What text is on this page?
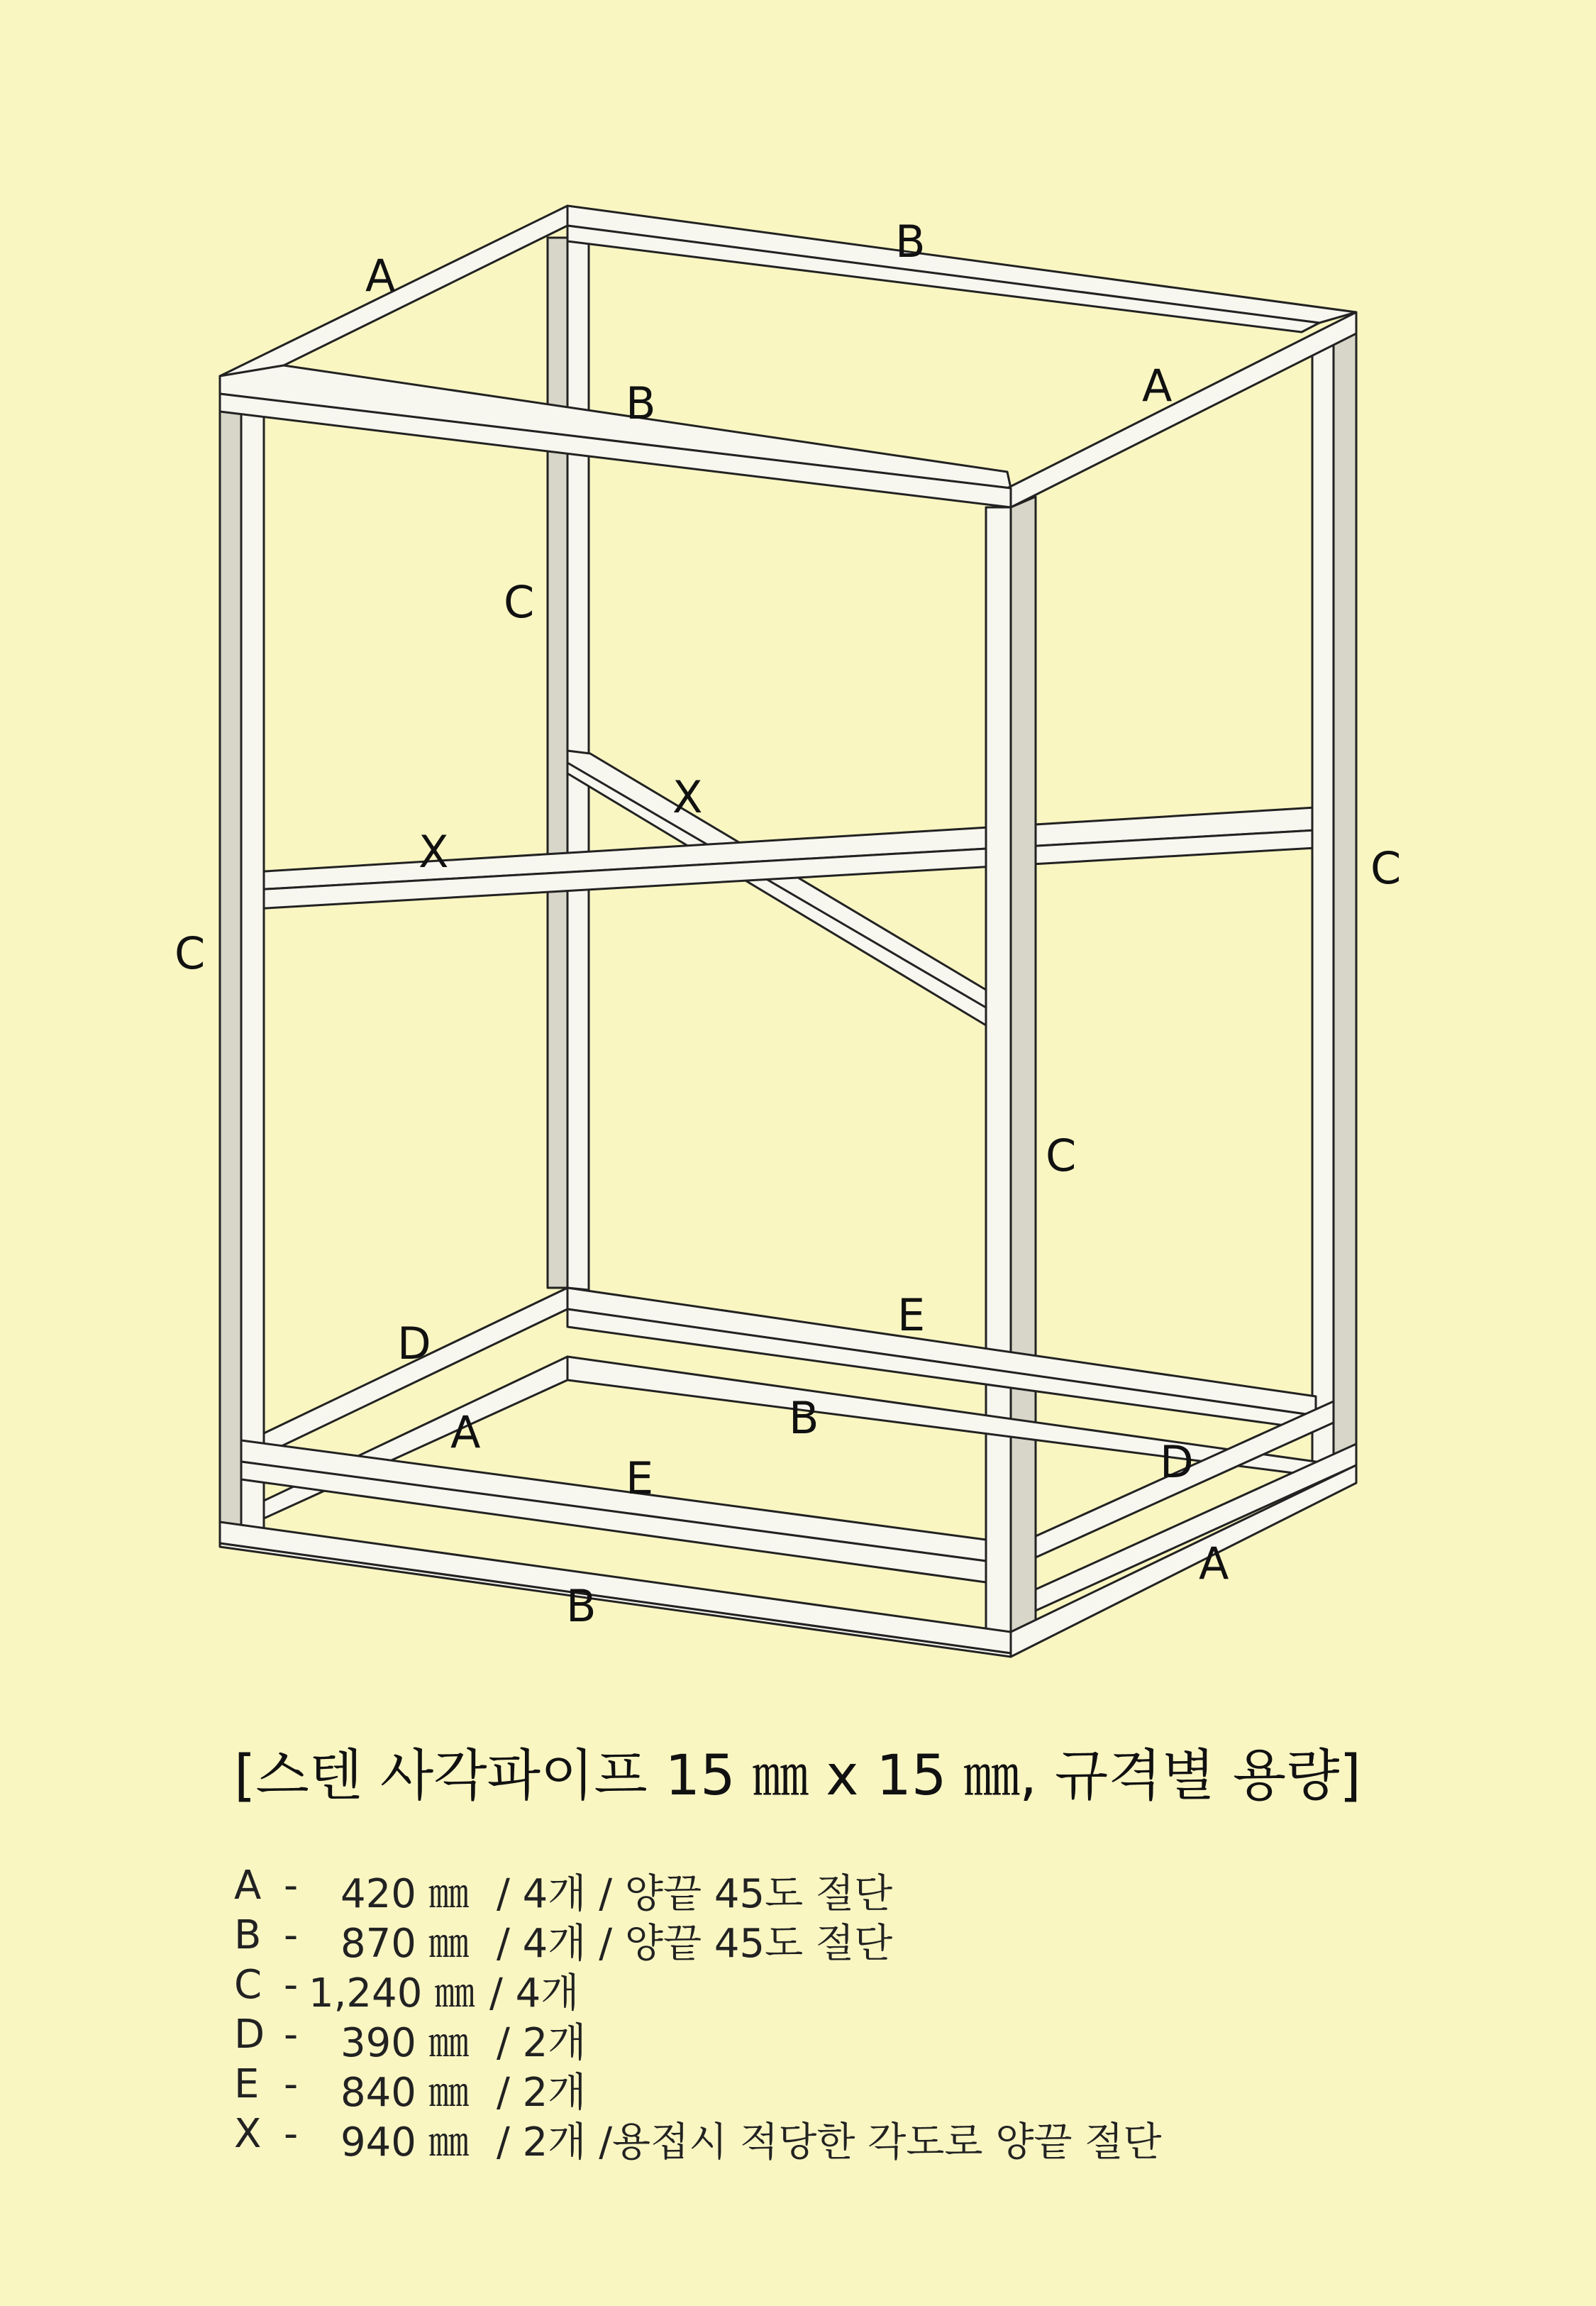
A
B
A
B
C
C
C
C
X
X
D
E
A	B
E	D
A
B
[스텐 사각파이프 15 ㎜ x 15 ㎜, 규격별 용량]
A - 420 ㎜ / 4개 / 양끝 45도 절단
B - 870 ㎜ / 4개 / 양끝 45도 절단
C - 1,240 ㎜ / 4개
D - 390 ㎜ / 2개
E - 840 ㎜ / 2개
X - 940 ㎜ / 2개 /용접시 적당한 각도로 양끝 절단
